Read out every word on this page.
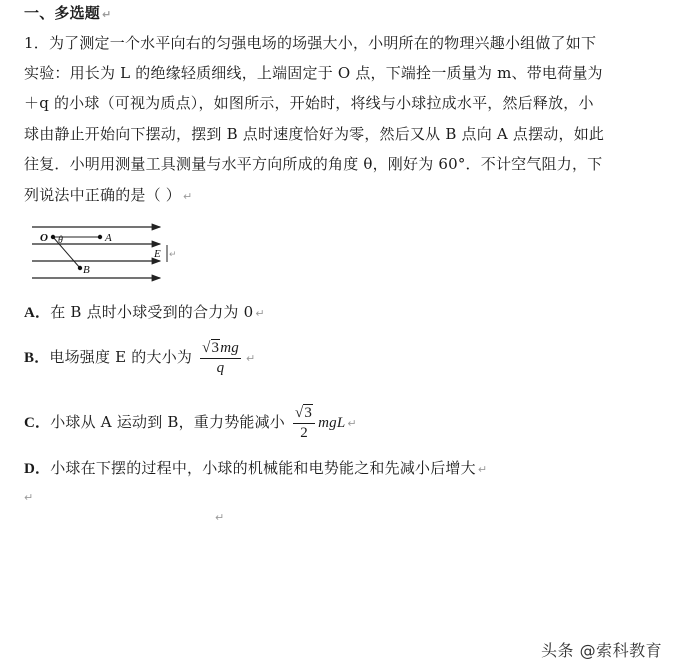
一、多选题 ↵
1．为了测定一个水平向右的匀强电场的场强大小，小明所在的物理兴趣小组做了如下
实验：用长为 L 的绝缘轻质细线，上端固定于 O 点，下端拴一质量为 m、带电荷量为
＋q 的小球（可视为质点），如图所示，开始时，将线与小球拉成水平，然后释放，小
球由静止开始向下摆动，摆到 B 点时速度恰好为零，然后又从 B 点向 A 点摆动，如此
往复．小明用测量工具测量与水平方向所成的角度 θ，刚好为 60°．不计空气阻力，下
列说法中正确的是（ ） ↵
O θ	A
B
E ↵
A．在 B 点时小球受到的合力为 0 ↵
B．电场强度 E 的大小为 $\frac{√3mg}{q}$ ↵
C．小球从 A 运动到 B，重力势能减小 $\frac{√3}{2}$ mgL ↵
D．小球在下摆的过程中，小球的机械能和电势能之和先减小后增大 ↵
↵
↵
头条 @索科教育
